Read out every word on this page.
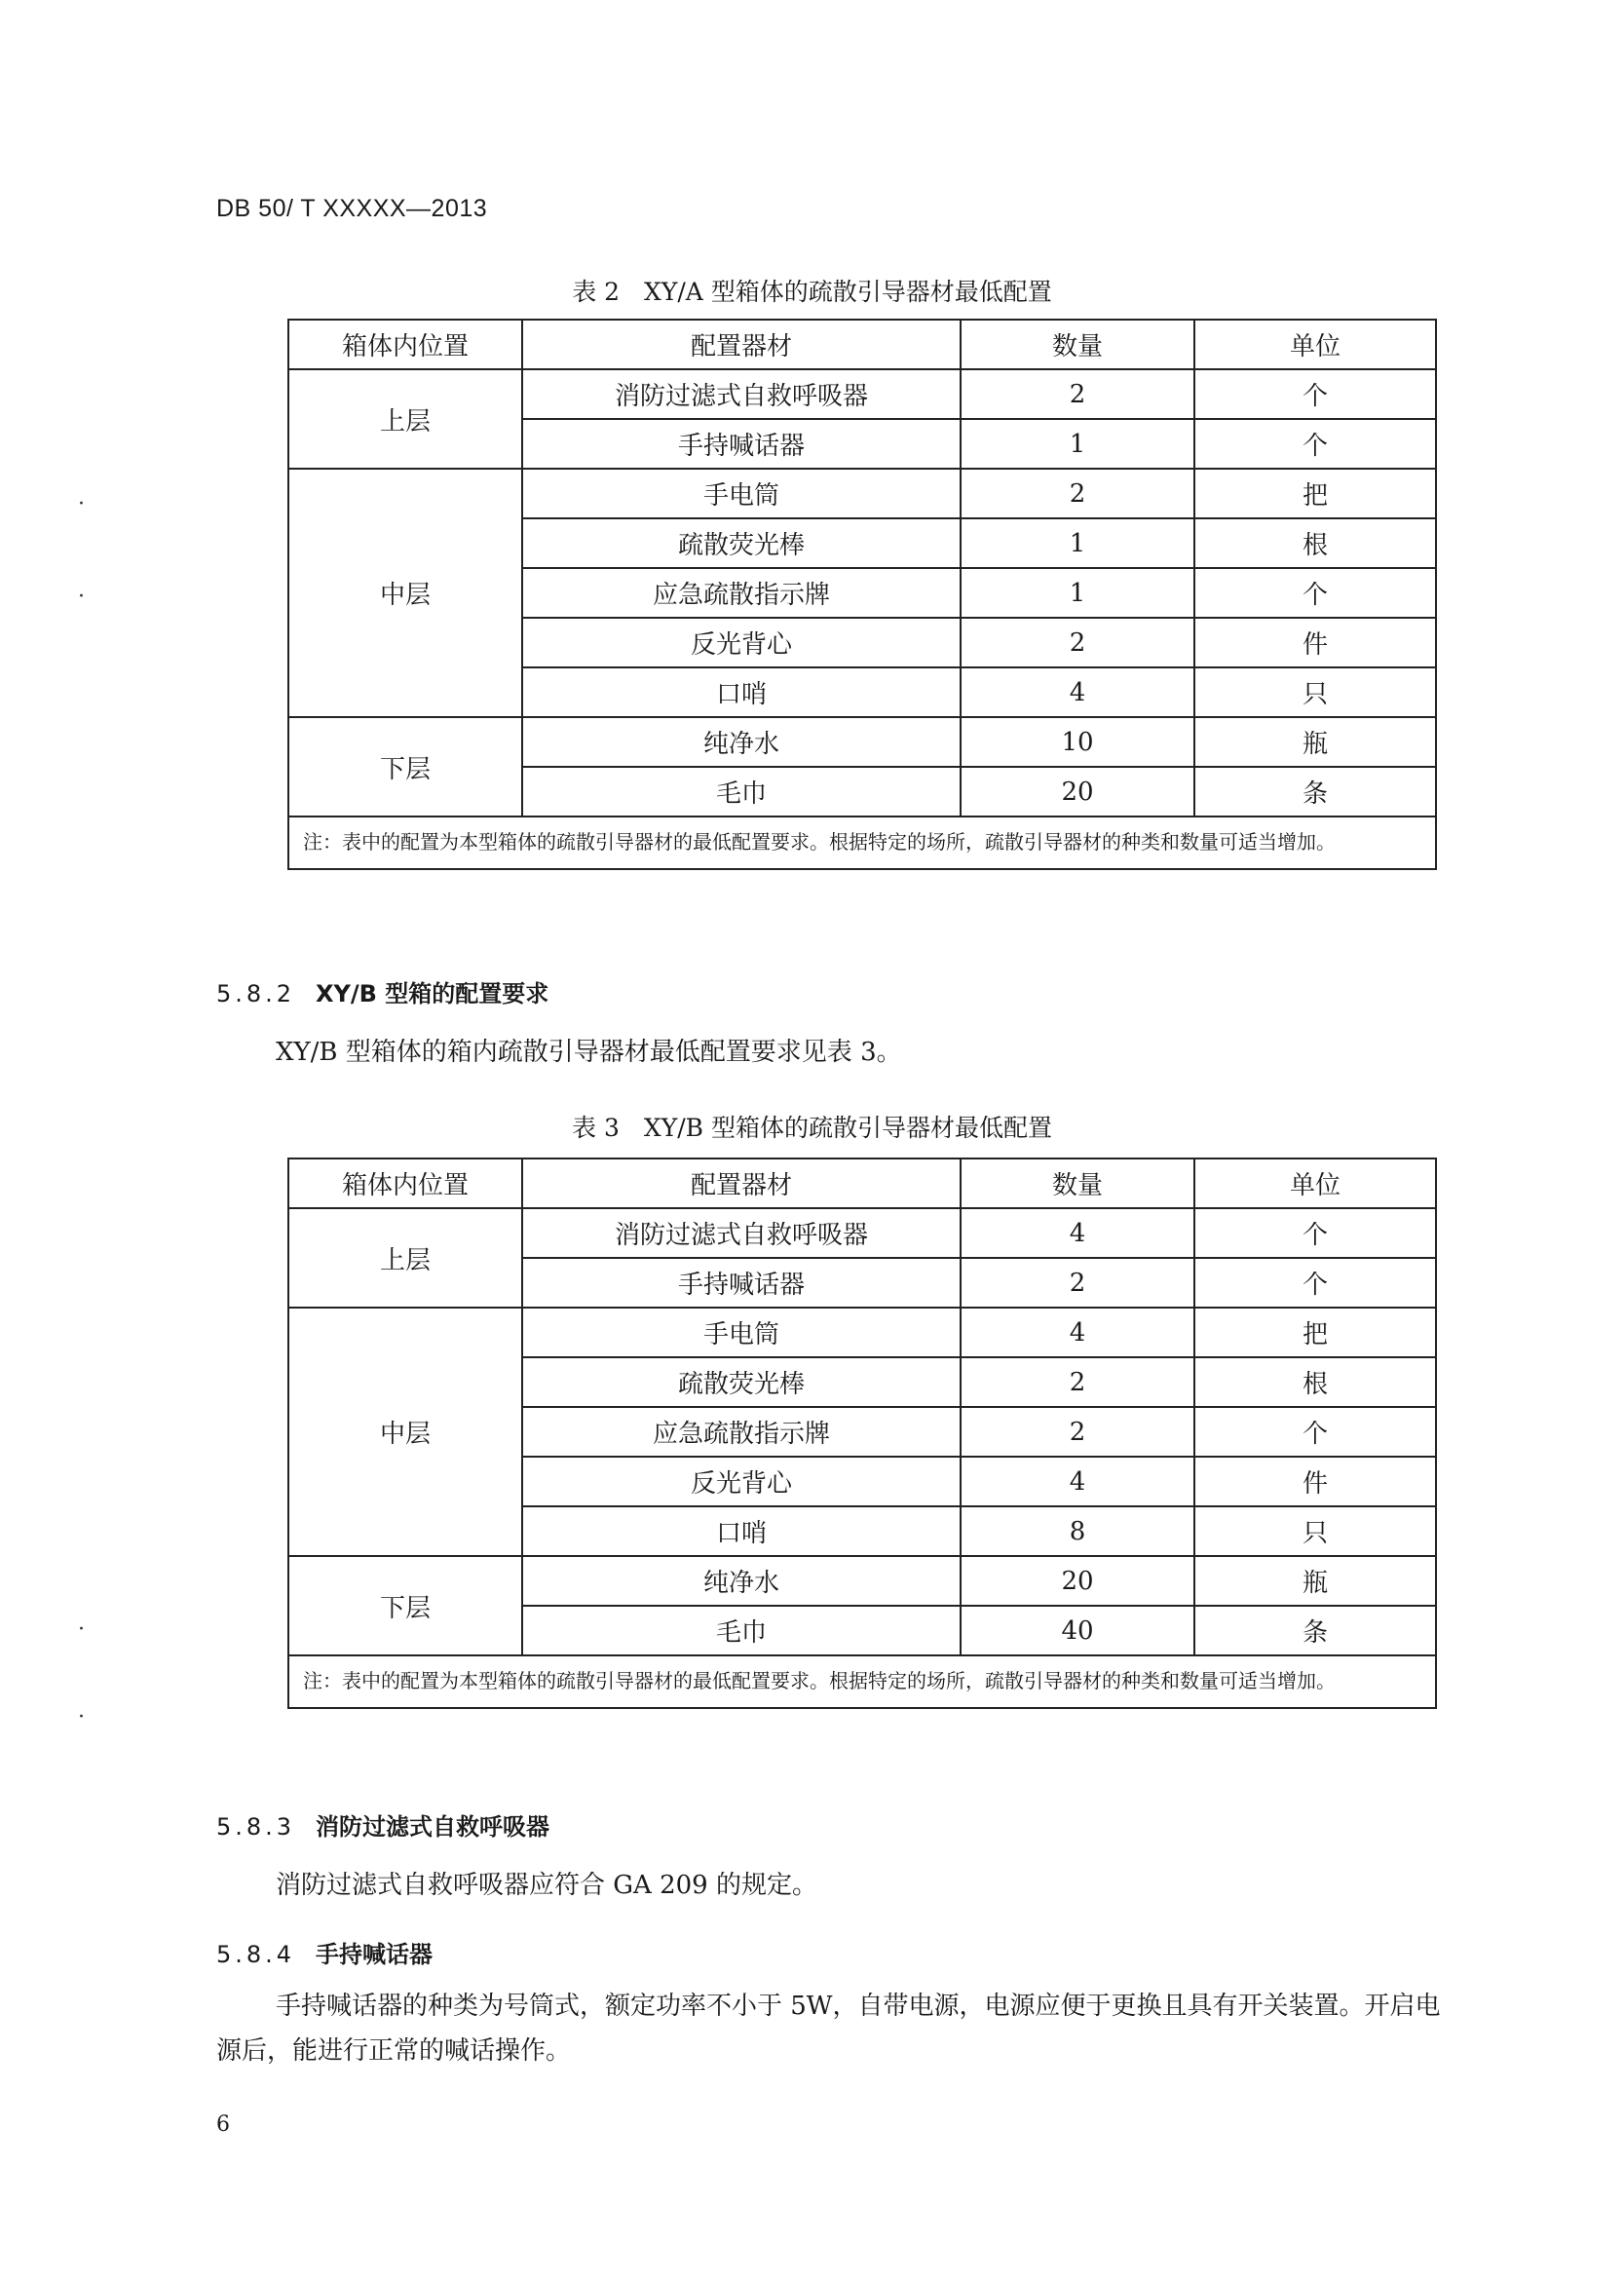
DB 50/ T XXXXX—2013
表 2　XY/A 型箱体的疏散引导器材最低配置
箱体内位置	配置器材	数量	单位
上层	消防过滤式自救呼吸器	2	个
	手持喊话器	1	个
中层	手电筒	2	把
	疏散荧光棒	1	根
	应急疏散指示牌	1	个
	反光背心	2	件
	口哨	4	只
下层	纯净水	10	瓶
	毛巾	20	条
注：表中的配置为本型箱体的疏散引导器材的最低配置要求。根据特定的场所，疏散引导器材的种类和数量可适当增加。			
5.8.2 XY/B 型箱的配置要求
XY/B 型箱体的箱内疏散引导器材最低配置要求见表 3。
表 3　XY/B 型箱体的疏散引导器材最低配置
箱体内位置	配置器材	数量	单位
上层	消防过滤式自救呼吸器	4	个
	手持喊话器	2	个
中层	手电筒	4	把
	疏散荧光棒	2	根
	应急疏散指示牌	2	个
	反光背心	4	件
	口哨	8	只
下层	纯净水	20	瓶
	毛巾	40	条
注：表中的配置为本型箱体的疏散引导器材的最低配置要求。根据特定的场所，疏散引导器材的种类和数量可适当增加。			
5.8.3 消防过滤式自救呼吸器
消防过滤式自救呼吸器应符合 GA 209 的规定。
5.8.4 手持喊话器
手持喊话器的种类为号筒式，额定功率不小于 5W，自带电源，电源应便于更换且具有开关装置。开启电源后，能进行正常的喊话操作。
6
·
·
·
·
